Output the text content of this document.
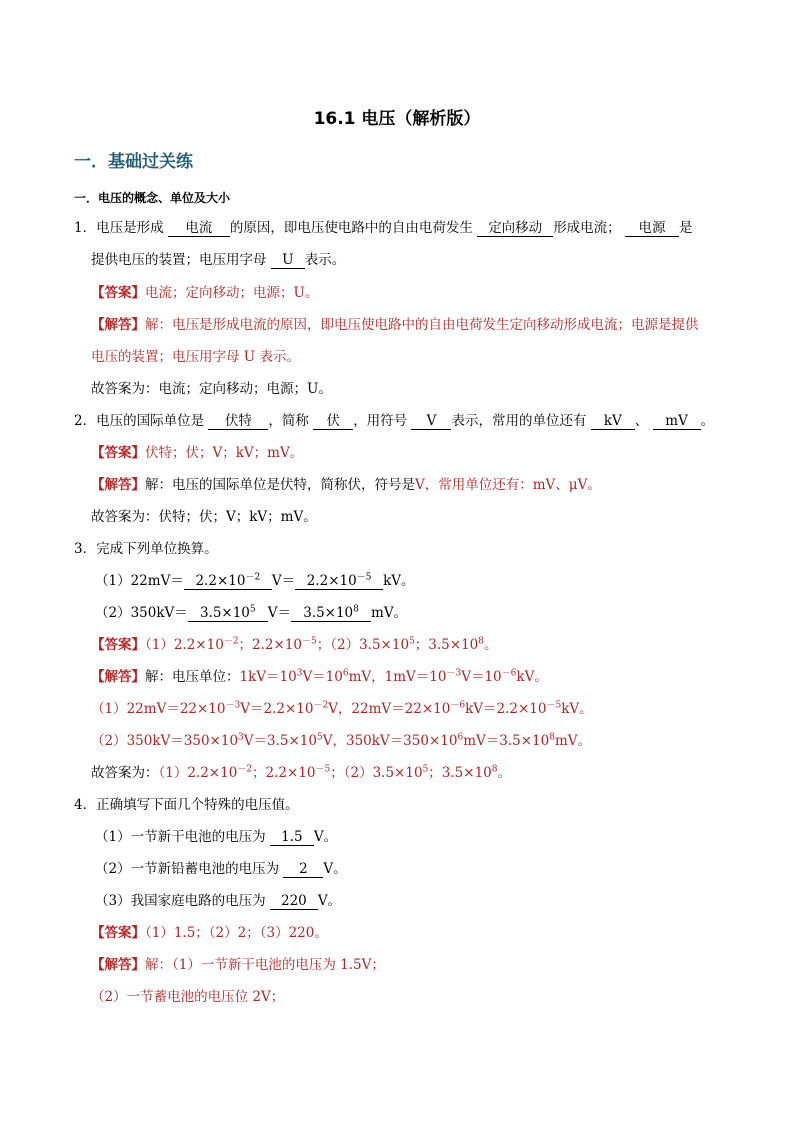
16.1 电压（解析版）
一．基础过关练
一．电压的概念、单位及大小
1．电压是形成 电流 的原因，即电压使电路中的自由电荷发生 定向移动 形成电流； 电源 是
提供电压的装置；电压用字母 U 表示。
【答案】电流；定向移动；电源；U。
【解答】解：电压是形成电流的原因，即电压使电路中的自由电荷发生定向移动形成电流；电源是提供
电压的装置；电压用字母 U 表示。
故答案为：电流；定向移动；电源；U。
2．电压的国际单位是 伏特 ，简称 伏 ，用符号 V 表示，常用的单位还有 kV 、 mV 。
【答案】伏特；伏；V；kV；mV。
【解答】解：电压的国际单位是伏特，简称伏，符号是V，常用单位还有：mV、μV。
故答案为：伏特；伏；V；kV；mV。
3．完成下列单位换算。
$(1)22mV= 2.2\times 10^{-2}$ $V= 2.2\times 10^{-5}$ kV。
$(2)350kV= 3.5\times 10^5$ $V= 3.5\times 10^8$ mV。
【答案】$(1)2.2\times 10^{-2}$；$2.2\times 10^{-5}$；$(2)3.5\times 10^5$；$3.5\times 10^8$。
【解答】解：电压单位：$1kV=10^3V=10^6mV$，$1mV=10^{-3}V=10^{-6}kV$。
$(1)22mV=22\times 10^{-3}V=2.2\times 10^{-2}V$，$22mV=22\times 10^{-6}kV=2.2\times 10^{-5}kV$。
$(2)350kV=350\times 10^3V=3.5\times 10^5V$，$350kV=350\times 10^6mV=3.5\times 10^8mV$。
故答案为：$(1)2.2\times 10^{-2}$；$2.2\times 10^{-5}$；$(2)3.5\times 10^5$；$3.5\times 10^8$。
4．正确填写下面几个特殊的电压值。
（1）一节新干电池的电压为 1.5 V。
（2）一节新铅蓄电池的电压为 2 V。
（3）我国家庭电路的电压为 220 V。
【答案】（1）1.5；（2）2；（3）220。
【解答】解：（1）一节新干电池的电压为 1.5V；
（2）一节蓄电池的电压位 2V；
